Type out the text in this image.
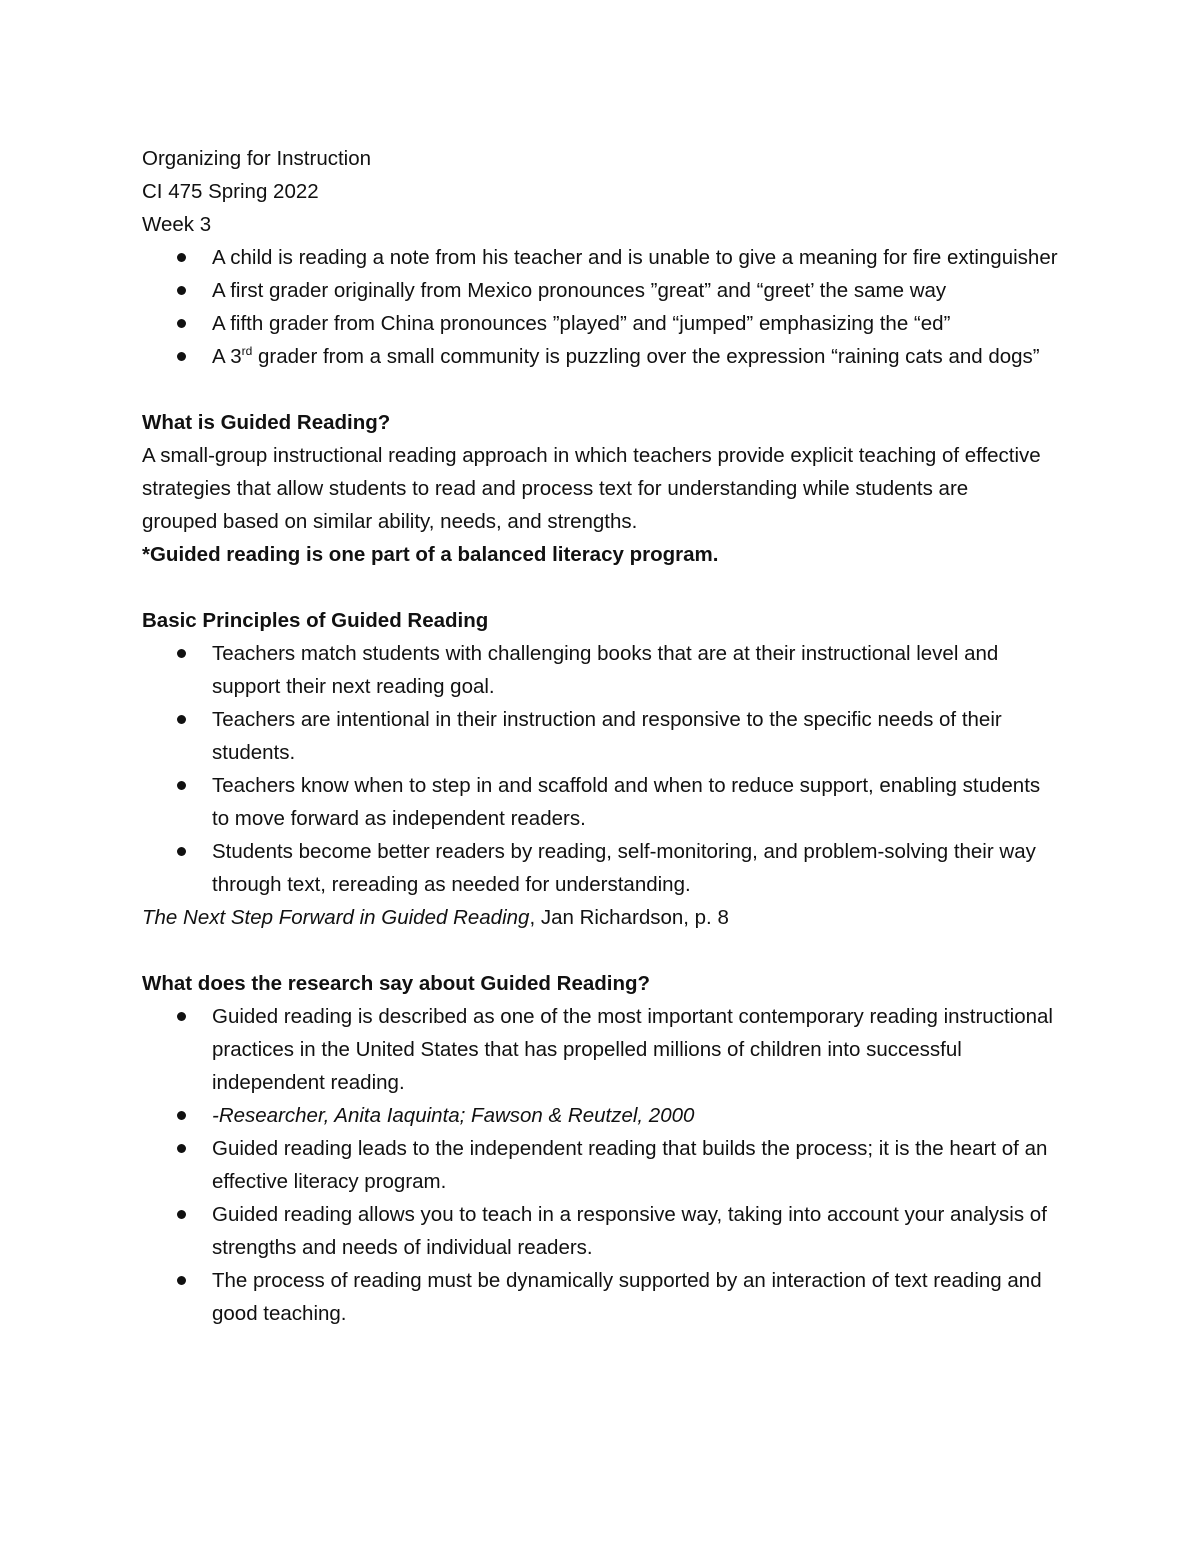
Organizing for Instruction

CI 475 Spring 2022

Week 3

A child is reading a note from his teacher and is unable to give a meaning for fire extinguisher
A first grader originally from Mexico pronounces ”great” and “greet’ the same way
A fifth grader from China pronounces ”played” and “jumped” emphasizing the “ed”
A 3rd grader from a small community is puzzling over the expression “raining cats and dogs”

What is Guided Reading?

A small-group instructional reading approach in which teachers provide explicit teaching of effective strategies that allow students to read and process text for understanding while students are grouped based on similar ability, needs, and strengths.

*Guided reading is one part of a balanced literacy program.

Basic Principles of Guided Reading

Teachers match students with challenging books that are at their instructional level and support their next reading goal.
Teachers are intentional in their instruction and responsive to the specific needs of their students.
Teachers know when to step in and scaffold and when to reduce support, enabling students to move forward as independent readers.
Students become better readers by reading, self-monitoring, and problem-solving their way through text, rereading as needed for understanding.

The Next Step Forward in Guided Reading, Jan Richardson, p. 8

What does the research say about Guided Reading?

Guided reading is described as one of the most important contemporary reading instructional practices in the United States that has propelled millions of children into successful independent reading.
-Researcher, Anita Iaquinta; Fawson & Reutzel, 2000
Guided reading leads to the independent reading that builds the process; it is the heart of an effective literacy program.
Guided reading allows you to teach in a responsive way, taking into account your analysis of strengths and needs of individual readers.
The process of reading must be dynamically supported by an interaction of text reading and good teaching.
